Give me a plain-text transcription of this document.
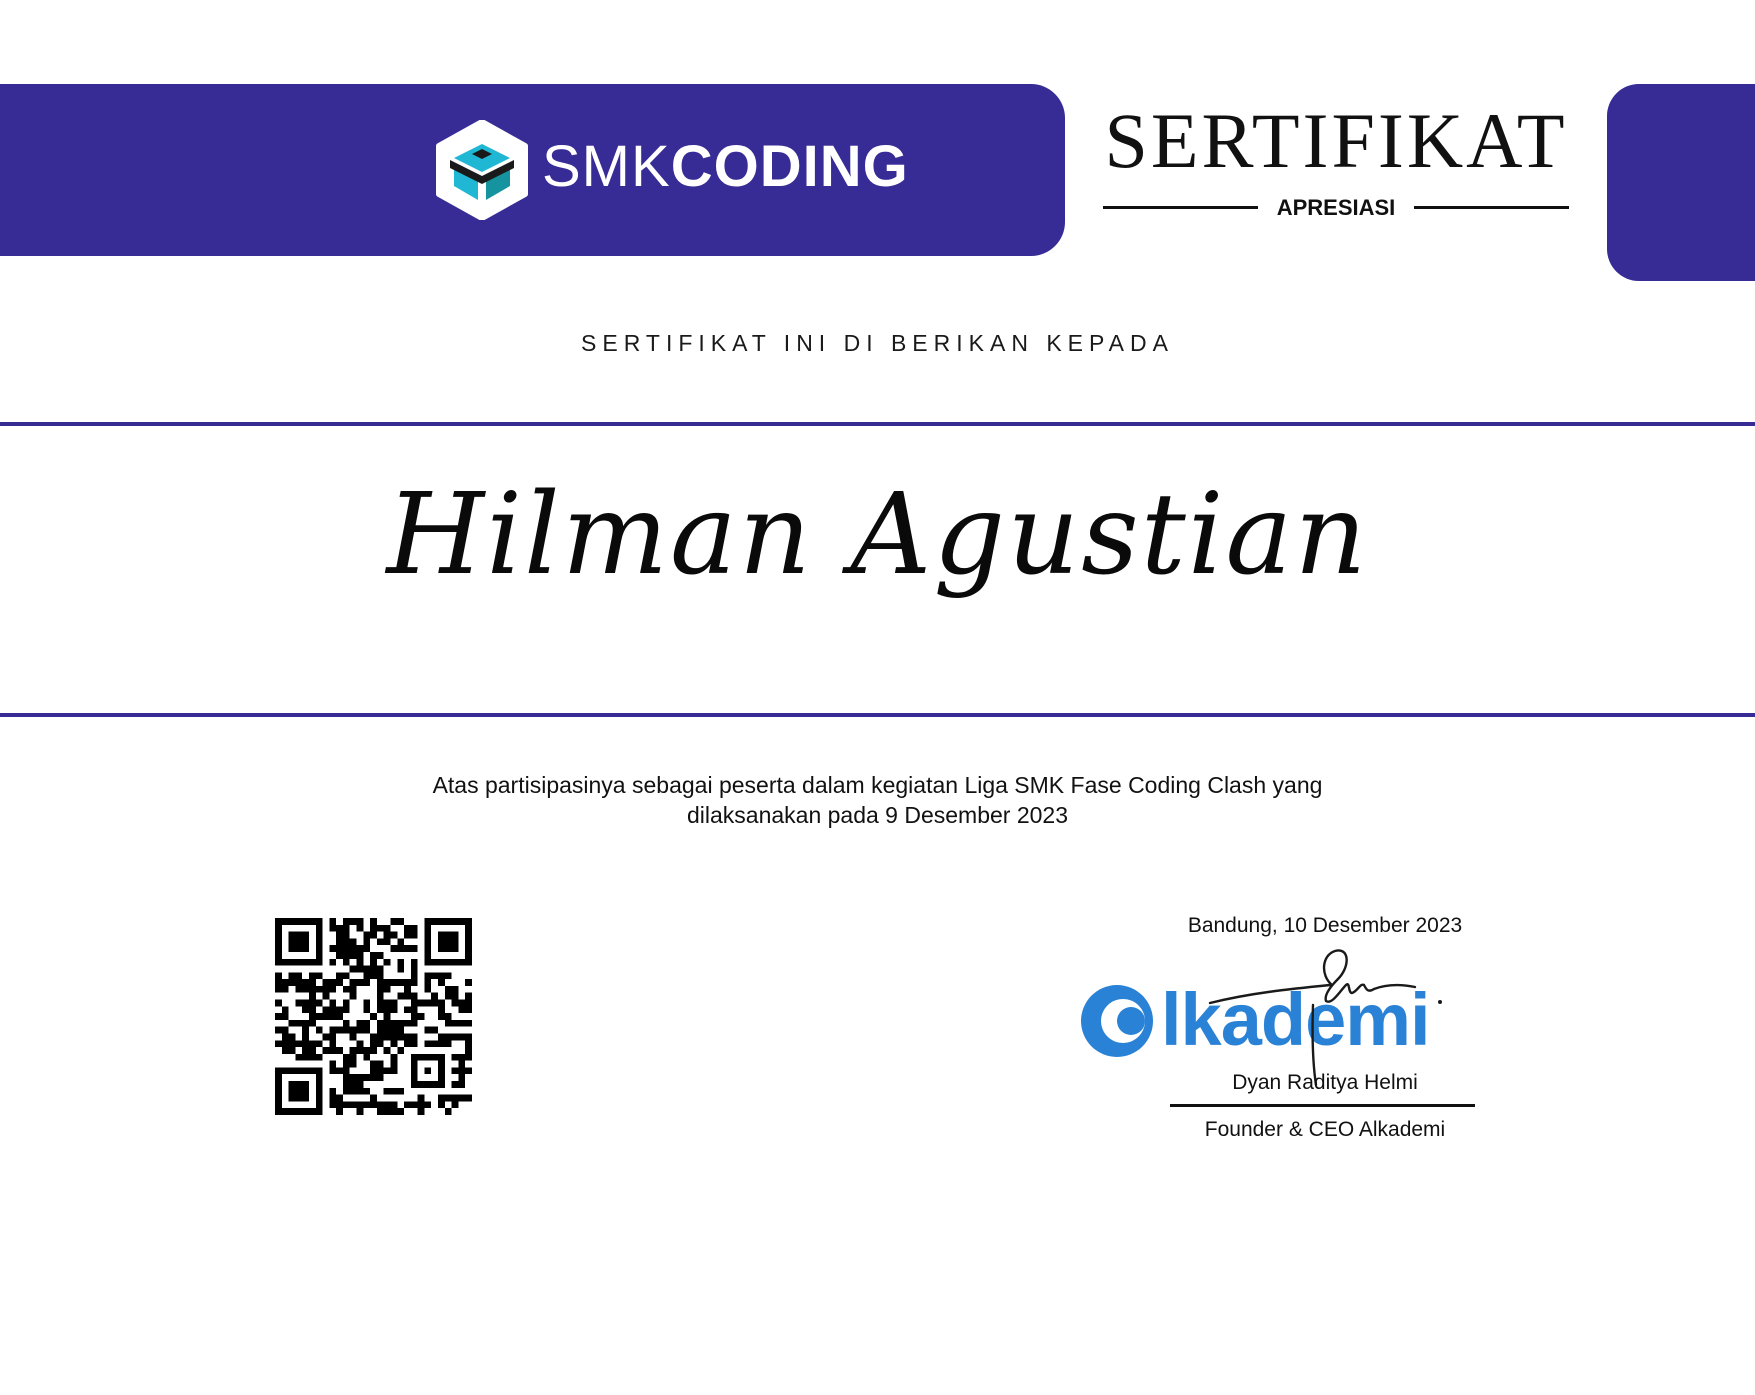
SMKCODING	SERTIFIKAT
APRESIASI
SERTIFIKAT INI DI BERIKAN KEPADA
Hilman Agustian
Atas partisipasinya sebagai peserta dalam kegiatan Liga SMK Fase Coding Clash yang dilaksanakan pada 9 Desember 2023
Bandung, 10 Desember 2023
lkademi
Dyan Raditya Helmi
Founder & CEO Alkademi
